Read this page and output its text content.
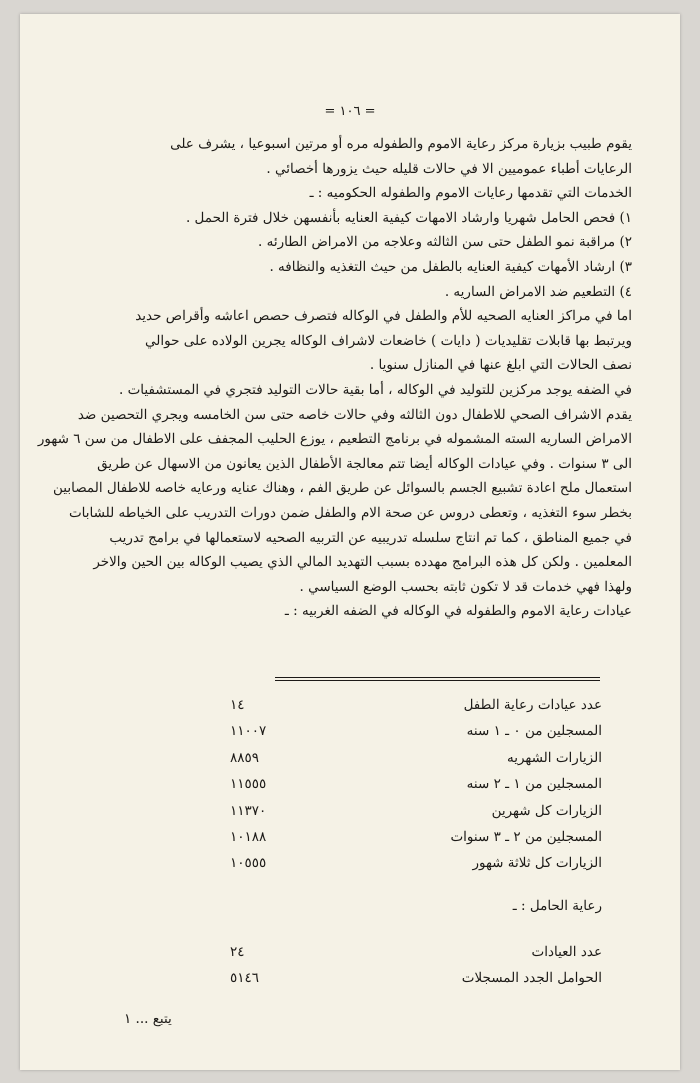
= ١٠٦ =
يقوم طبيب بزيارة مركز رعاية الاموم والطفوله مره أو مرتين اسبوعيا ، يشرف على
الرعايات أطباء عموميين الا في حالات قليله حيث يزورها أخصائي .
الخدمات التي تقدمها رعايات الاموم والطفوله الحكوميه : ـ
١) فحص الحامل شهريا وارشاد الامهات كيفية العنايه بأنفسهن خلال فترة الحمل .
٢) مراقبة نمو الطفل حتى سن الثالثه وعلاجه من الامراض الطارئه .
٣) ارشاد الأمهات كيفية العنايه بالطفل من حيث التغذيه والنظافه .
٤) التطعيم ضد الامراض الساريه .
اما في مراكز العنايه الصحيه للأم والطفل في الوكاله فتصرف حصص اعاشه وأقراص حديد
ويرتبط بها قابلات تقليديات ( دايات ) خاضعات لاشراف الوكاله يجرين الولاده على حوالي
نصف الحالات التي ابلغ عنها في المنازل سنويا .
في الضفه يوجد مركزين للتوليد في الوكاله ، أما بقية حالات التوليد فتجري في المستشفيات .
يقدم الاشراف الصحي للاطفال دون الثالثه وفي حالات خاصه حتى سن الخامسه ويجري التحصين ضد
الامراض الساريه السته المشموله في برنامج التطعيم ، يوزع الحليب المجفف على الاطفال من سن ٦ شهور
الى ٣ سنوات . وفي عيادات الوكاله أيضا تتم معالجة الأطفال الذين يعانون من الاسهال عن طريق
استعمال ملح اعادة تشبيع الجسم بالسوائل عن طريق الفم ، وهناك عنايه ورعايه خاصه للاطفال المصابين
بخطر سوء التغذيه ، وتعطى دروس عن صحة الام والطفل ضمن دورات التدريب على الخياطه للشابات
في جميع المناطق ، كما تم انتاج سلسله تدريبيه عن التربيه الصحيه لاستعمالها في برامج تدريب
المعلمين . ولكن كل هذه البرامج مهدده بسبب التهديد المالي الذي يصيب الوكاله بين الحين والاخر
ولهذا فهي خدمات قد لا تكون ثابته بحسب الوضع السياسي .
عيادات رعاية الاموم والطفوله في الوكاله في الضفه الغربيه : ـ
عدد عيادات رعاية الطفل
١٤
المسجلين من ٠ ـ ١ سنه
١١٠٠٧
الزيارات الشهريه
٨٨٥٩
المسجلين من ١ ـ ٢ سنه
١١٥٥٥
الزيارات كل شهرين
١١٣٧٠
المسجلين من ٢ ـ ٣ سنوات
١٠١٨٨
الزيارات كل ثلاثة شهور
١٠٥٥٥
رعاية الحامل : ـ
عدد العيادات
٢٤
الحوامل الجدد المسجلات
٥١٤٦
يتبع ... ١
